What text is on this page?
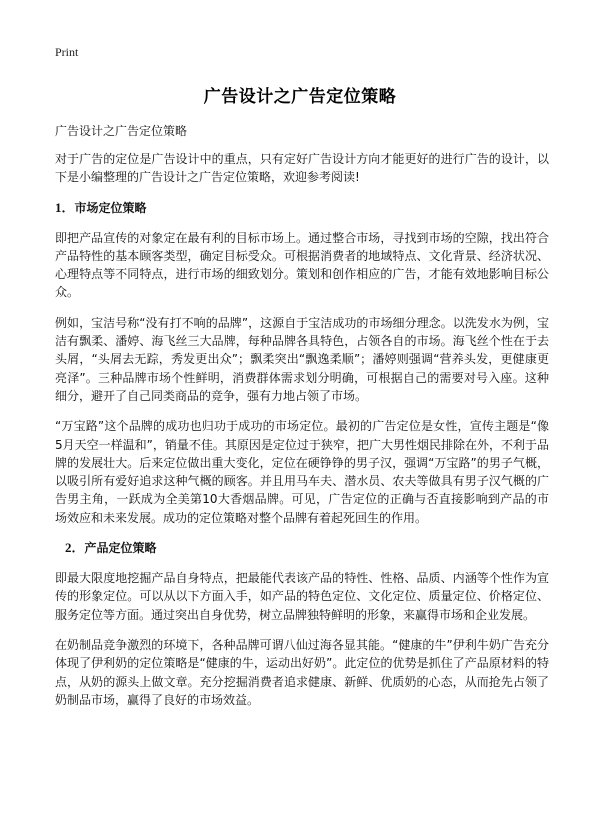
Print
广告设计之广告定位策略
广告设计之广告定位策略

对于广告的定位是广告设计中的重点，只有定好广告设计方向才能更好的进行广告的设计，以下是小编整理的广告设计之广告定位策略，欢迎参考阅读!

1．市场定位策略

即把产品宣传的对象定在最有利的目标市场上。通过整合市场，寻找到市场的空隙，找出符合产品特性的基本顾客类型，确定目标受众。可根据消费者的地域特点、文化背景、经济状况、心理特点等不同特点，进行市场的细致划分。策划和创作相应的广告，才能有效地影响目标公众。

例如，宝洁号称“没有打不响的品牌”，这源自于宝洁成功的市场细分理念。以洗发水为例，宝洁有飘柔、潘婷、海飞丝三大品牌，每种品牌各具特色，占领各自的市场。海飞丝个性在于去头屑，“头屑去无踪，秀发更出众”；飘柔突出“飘逸柔顺”；潘婷则强调“营养头发，更健康更亮泽”。三种品牌市场个性鲜明，消费群体需求划分明确，可根据自己的需要对号入座。这种细分，避开了自己同类商品的竞争，强有力地占领了市场。

“万宝路”这个品牌的成功也归功于成功的市场定位。最初的广告定位是女性，宣传主题是“像5月天空一样温和”，销量不佳。其原因是定位过于狭窄，把广大男性烟民排除在外，不利于品牌的发展壮大。后来定位做出重大变化，定位在硬铮铮的男子汉，强调“万宝路”的男子气概，以吸引所有爱好追求这种气概的顾客。并且用马车夫、潜水员、农夫等做具有男子汉气概的广告男主角，一跃成为全美第10大香烟品牌。可见，广告定位的正确与否直接影响到产品的市场效应和未来发展。成功的定位策略对整个品牌有着起死回生的作用。

2．产品定位策略

即最大限度地挖掘产品自身特点，把最能代表该产品的特性、性格、品质、内涵等个性作为宣传的形象定位。可以从以下方面入手，如产品的特色定位、文化定位、质量定位、价格定位、服务定位等方面。通过突出自身优势，树立品牌独特鲜明的形象，来赢得市场和企业发展。

在奶制品竞争激烈的环境下，各种品牌可谓八仙过海各显其能。“健康的牛”伊利牛奶广告充分体现了伊利奶的定位策略是“健康的牛，运动出好奶”。此定位的优势是抓住了产品原材料的特点，从奶的源头上做文章。充分挖掘消费者追求健康、新鲜、优质奶的心态，从而抢先占领了奶制品市场，赢得了良好的市场效益。
